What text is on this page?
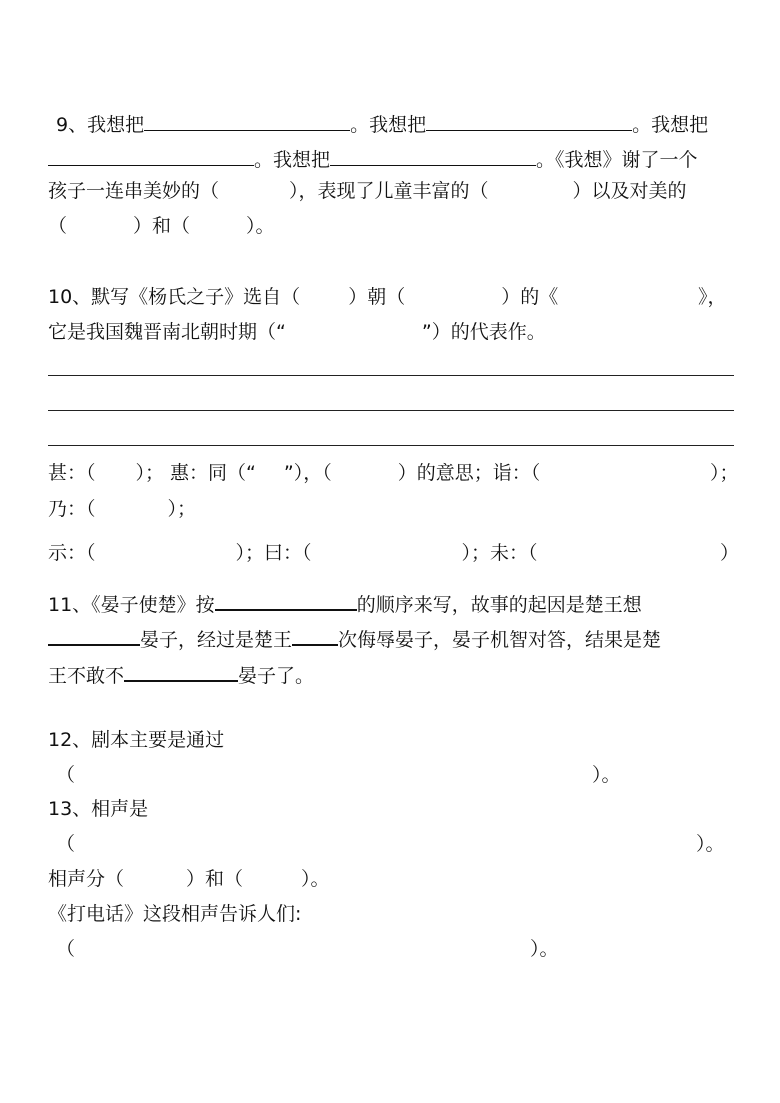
9、我想把	。我想把	。我想把
。我想把	。《我想》谢了一个
孩子一连串美妙的（	），表现了儿童丰富的（	）以及对美的
（	）和（	）。
10、默写《杨氏之子》选自（	）朝（	）的《	》，
它是我国魏晋南北朝时期（“	”）的代表作。
甚：（ ）； 惠：同（“ ”），（	）的意思；诣：（	）；
乃：（	）；
示：（	）；曰：（	）；未：（	）
11、《晏子使楚》按	的顺序来写，故事的起因是楚王想
晏子，经过是楚王 次侮辱晏子，晏子机智对答，结果是楚
王不敢不	晏子了。
12、剧本主要是通过
（	）。
13、相声是
（	）。
相声分（	）和（	）。
《打电话》这段相声告诉人们:
（	）。
